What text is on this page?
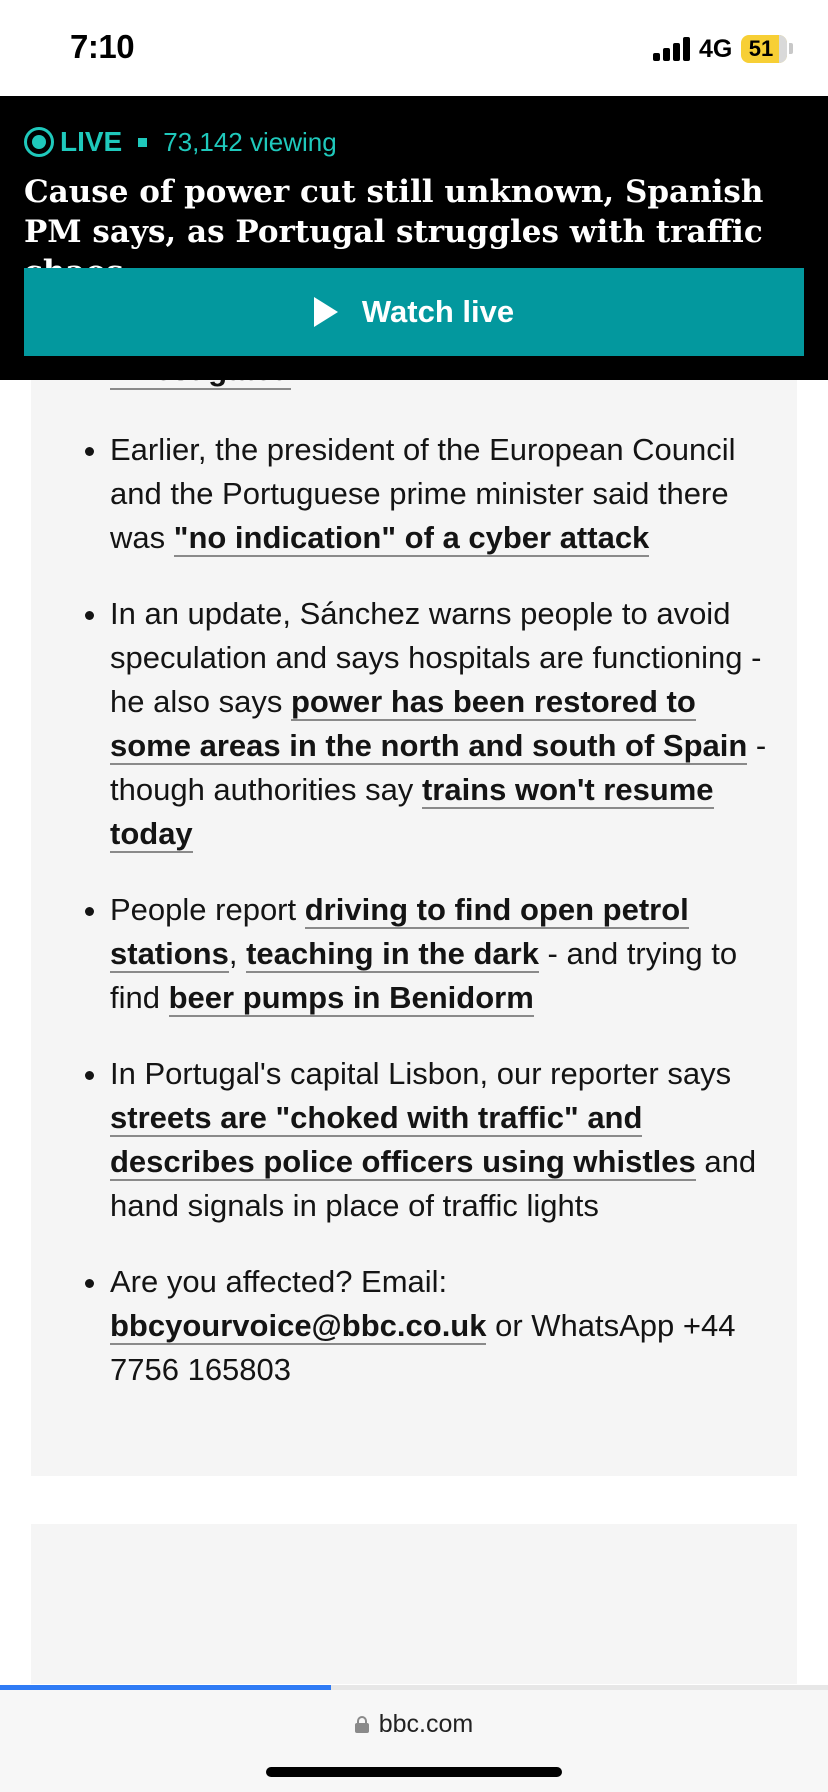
Earlier, the president of the European Council and the Portuguese prime minister said there was "no indication" of a cyber attack
In an update, Sánchez warns people to avoid speculation and says hospitals are functioning - he also says power has been restored to some areas in the north and south of Spain - though authorities say trains won't resume today
People report driving to find open petrol stations, teaching in the dark - and trying to find beer pumps in Benidorm
In Portugal's capital Lisbon, our reporter says streets are "choked with traffic" and describes police officers using whistles and hand signals in place of traffic lights
Are you affected? Email: bbcyourvoice@bbc.co.uk or WhatsApp +44 7756 165803
7:10	4G 51
LIVE 73,142 viewing
Cause of power cut still unknown, Spanish PM says, as Portugal struggles with traffic
Watch live
bbc.com
